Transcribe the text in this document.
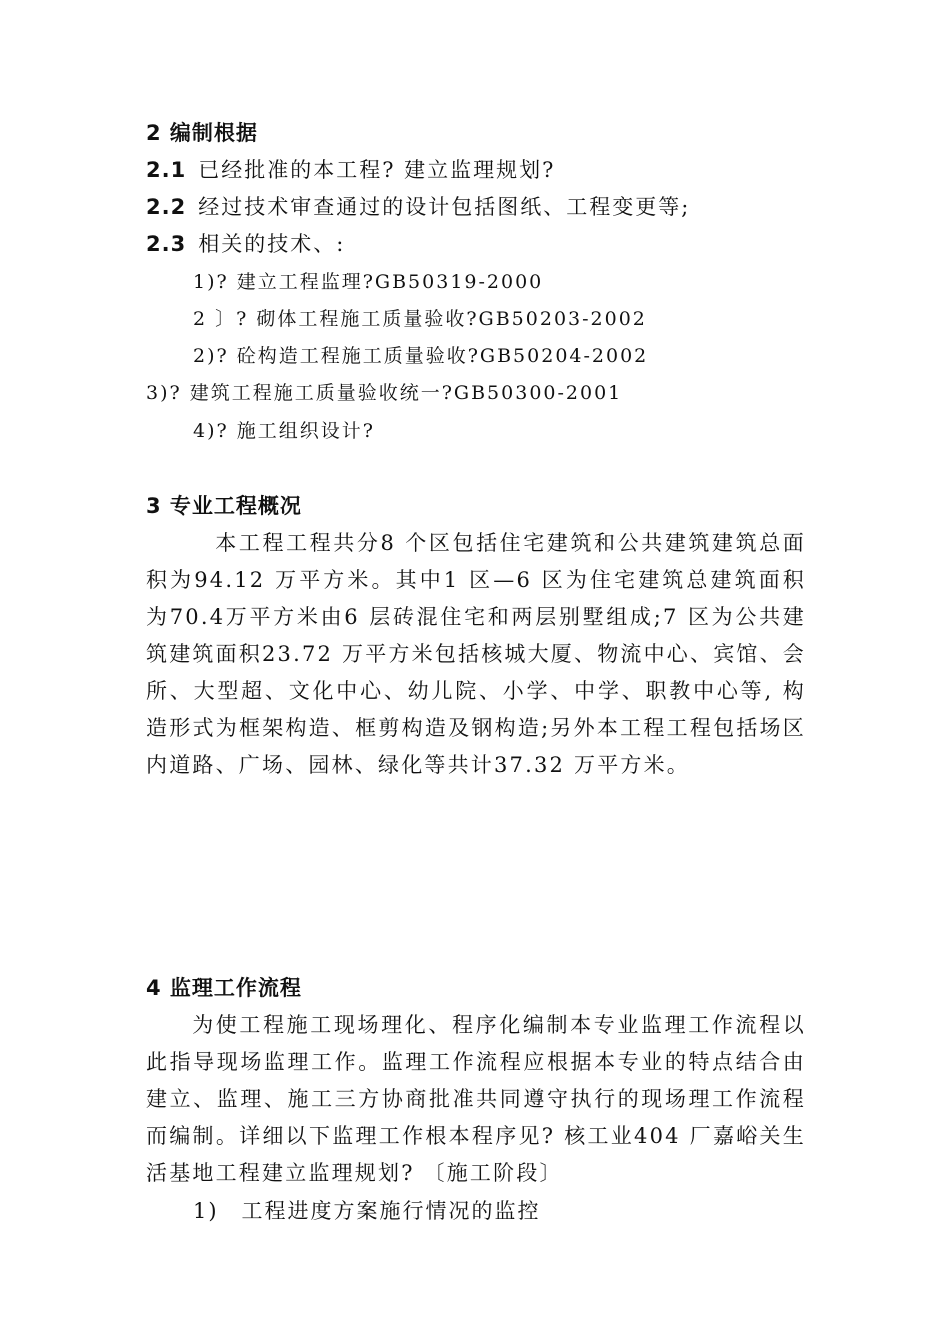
2 编制根据
2.1 已经批准的本工程? 建立监理规划?
2.2 经过技术审查通过的设计包括图纸、工程变更等;
2.3 相关的技术、:
1)? 建立工程监理?GB50319-2000
2 〕? 砌体工程施工质量验收?GB50203-2002
2)? 砼构造工程施工质量验收?GB50204-2002
3)? 建筑工程施工质量验收统一?GB50300-2001
4)? 施工组织设计?
3 专业工程概况
本工程工程共分8 个区包括住宅建筑和公共建筑建筑总面积为94.12 万平方米。其中1 区—6 区为住宅建筑总建筑面积为70.4万平方米由6 层砖混住宅和两层别墅组成;7 区为公共建筑建筑面积23.72 万平方米包括核城大厦、物流中心、宾馆、会所、大型超、文化中心、幼儿院、小学、中学、职教中心等, 构造形式为框架构造、框剪构造及钢构造;另外本工程工程包括场区内道路、广场、园林、绿化等共计37.32 万平方米。
4 监理工作流程
为使工程施工现场理化、程序化编制本专业监理工作流程以此指导现场监理工作。监理工作流程应根据本专业的特点结合由建立、监理、施工三方协商批准共同遵守执行的现场理工作流程而编制。详细以下监理工作根本程序见? 核工业404 厂嘉峪关生活基地工程建立监理规划? 〔施工阶段〕
1)　工程进度方案施行情况的监控
